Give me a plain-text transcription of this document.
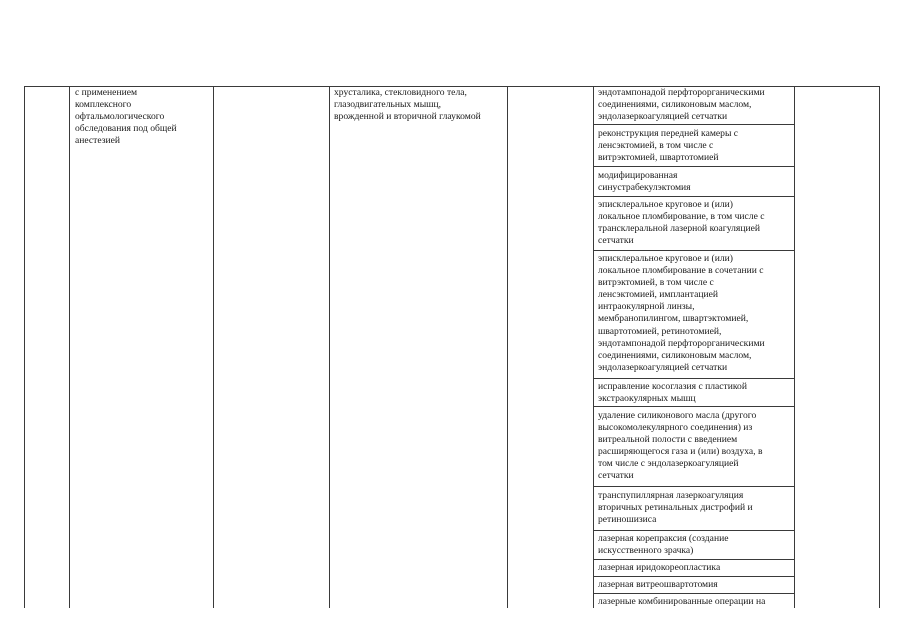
с применением
комплексного
офтальмологического
обследования под общей
анестезией
хрусталика, стекловидного тела,
глазодвигательных мышц,
врожденной и вторичной глаукомой
эндотампонадой перфторорганическими
соединениями, силиконовым маслом,
эндолазеркоагуляцией сетчатки
реконструкция передней камеры с
ленсэктомией, в том числе с
витрэктомией, швартотомией
модифицированная
синустрабекулэктомия
эписклеральное круговое и (или)
локальное пломбирование, в том числе с
трансклеральной лазерной коагуляцией
сетчатки
эписклеральное круговое и (или)
локальное пломбирование в сочетании с
витрэктомией, в том числе с
ленсэктомией, имплантацией
интраокулярной линзы,
мембранопилингом, швартэктомией,
швартотомией, ретинотомией,
эндотампонадой перфторорганическими
соединениями, силиконовым маслом,
эндолазеркоагуляцией сетчатки
исправление косоглазия с пластикой
экстраокулярных мышц
удаление силиконового масла (другого
высокомолекулярного соединения) из
витреальной полости с введением
расширяющегося газа и (или) воздуха, в
том числе с эндолазеркоагуляцией
сетчатки
транспупиллярная лазеркоагуляция
вторичных ретинальных дистрофий и
ретиношизиса
лазерная корепраксия (создание
искусственного зрачка)
лазерная иридокореопластика
лазерная витреошвартотомия
лазерные комбинированные операции на
